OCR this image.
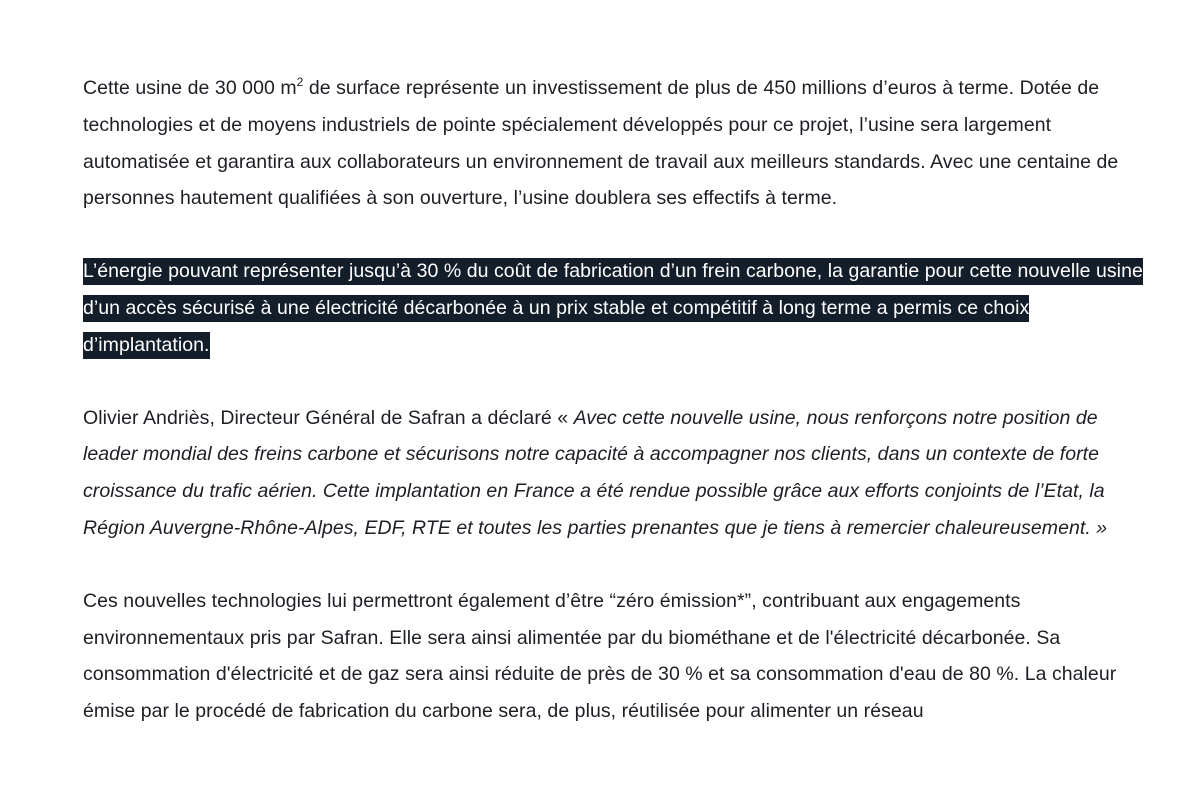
Cette usine de 30 000 $m^2$ de surface représente un investissement de plus de 450 millions d’euros à terme. Dotée de technologies et de moyens industriels de pointe spécialement développés pour ce projet, l’usine sera largement automatisée et garantira aux collaborateurs un environnement de travail aux meilleurs standards. Avec une centaine de personnes hautement qualifiées à son ouverture, l’usine doublera ses effectifs à terme.

L’énergie pouvant représenter jusqu’à 30 % du coût de fabrication d’un frein carbone, la garantie pour cette nouvelle usine d’un accès sécurisé à une électricité décarbonée à un prix stable et compétitif à long terme a permis ce choix d’implantation.

Olivier Andriès, Directeur Général de Safran a déclaré « Avec cette nouvelle usine, nous renforçons notre position de leader mondial des freins carbone et sécurisons notre capacité à accompagner nos clients, dans un contexte de forte croissance du trafic aérien. Cette implantation en France a été rendue possible grâce aux efforts conjoints de l’Etat, la Région Auvergne-Rhône-Alpes, EDF, RTE et toutes les parties prenantes que je tiens à remercier chaleureusement. »

Ces nouvelles technologies lui permettront également d’être “zéro émission*”, contribuant aux engagements environnementaux pris par Safran. Elle sera ainsi alimentée par du biométhane et de l'électricité décarbonée. Sa consommation d'électricité et de gaz sera ainsi réduite de près de 30 % et sa consommation d'eau de 80 %. La chaleur émise par le procédé de fabrication du carbone sera, de plus, réutilisée pour alimenter un réseau
